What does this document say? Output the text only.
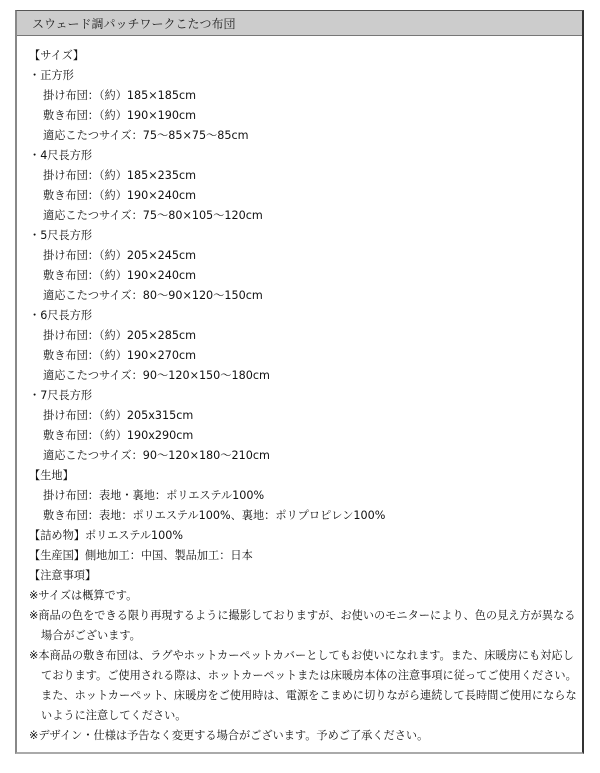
スウェード調パッチワークこたつ布団
【サイズ】
・正方形
掛け布団：（約）185×185cm
敷き布団：（約）190×190cm
適応こたつサイズ：75～85×75～85cm
・4尺長方形
掛け布団：（約）185×235cm
敷き布団：（約）190×240cm
適応こたつサイズ：75～80×105～120cm
・5尺長方形
掛け布団：（約）205×245cm
敷き布団：（約）190×240cm
適応こたつサイズ：80～90×120～150cm
・6尺長方形
掛け布団：（約）205×285cm
敷き布団：（約）190×270cm
適応こたつサイズ：90～120×150～180cm
・7尺長方形
掛け布団：（約）205x315cm
敷き布団：（約）190x290cm
適応こたつサイズ：90～120×180～210cm
【生地】
掛け布団：表地・裏地：ポリエステル100%
敷き布団：表地：ポリエステル100%、裏地：ポリプロピレン100%
【詰め物】ポリエステル100%
【生産国】側地加工：中国、製品加工：日本
【注意事項】
※サイズは概算です。
※商品の色をできる限り再現するように撮影しておりますが、お使いのモニターにより、色の見え方が異なる場合がございます。
※本商品の敷き布団は、ラグやホットカーペットカバーとしてもお使いになれます。また、床暖房にも対応しております。ご使用される際は、ホットカーペットまたは床暖房本体の注意事項に従ってご使用ください。また、ホットカーペット、床暖房をご使用時は、電源をこまめに切りながら連続して長時間ご使用にならないように注意してください。
※デザイン・仕様は予告なく変更する場合がございます。予めご了承ください。
